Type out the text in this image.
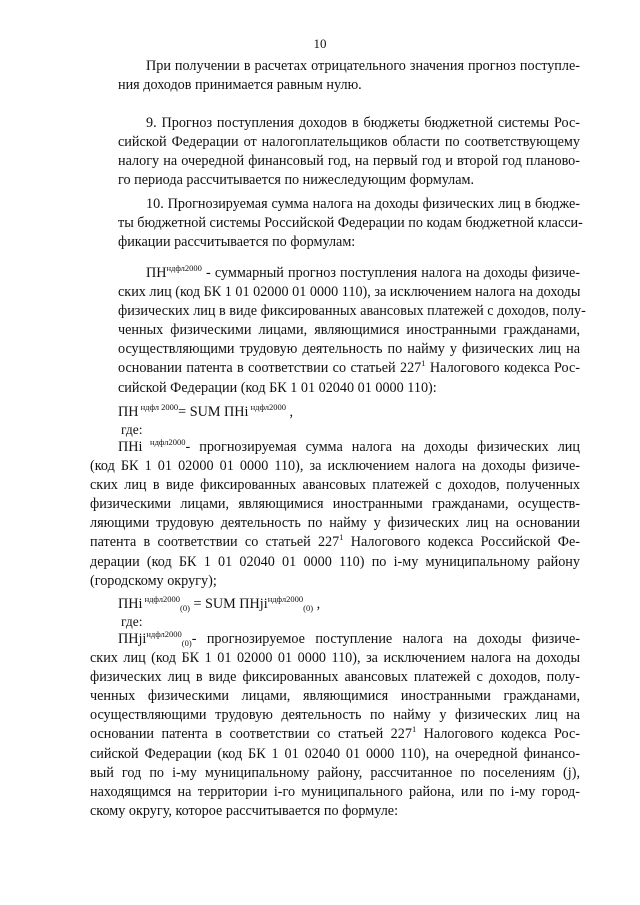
10
При получении в расчетах отрицательного значения прогноз поступле-
ния доходов принимается равным нулю.
9. Прогноз поступления доходов в бюджеты бюджетной системы Рос-
сийской Федерации от налогоплательщиков области по соответствующему
налогу на очередной финансовый год, на первый год и второй год планово-
го периода рассчитывается по нижеследующим формулам.
10. Прогнозируемая сумма налога на доходы физических лиц в бюдже-
ты бюджетной системы Российской Федерации по кодам бюджетной класси-
фикации рассчитывается по формулам:
$ПН^{ндфл2000}$ - суммарный прогноз поступления налога на доходы физиче-
ских лиц (код БК 1 01 02000 01 0000 110), за исключением налога на доходы
физических лиц в виде фиксированных авансовых платежей с доходов, полу-
ченных физическими лицами, являющимися иностранными гражданами,
осуществляющими трудовую деятельность по найму у физических лиц на
основании патента в соответствии со статьей $227^1$ Налогового кодекса Рос-
сийской Федерации (код БК 1 01 02040 01 0000 110):
ПН $^{ндфл 2000}$= SUM ПНi $^{ндфл2000}$ ,
где:
ПНi $^{ндфл2000}$- прогнозируемая сумма налога на доходы физических лиц
(код БК 1 01 02000 01 0000 110), за исключением налога на доходы физиче-
ских лиц в виде фиксированных авансовых платежей с доходов, полученных
физическими лицами, являющимися иностранными гражданами, осуществ-
ляющими трудовую деятельность по найму у физических лиц на основании
патента в соответствии со статьей $227^1$ Налогового кодекса Российской Фе-
дерации (код БК 1 01 02040 01 0000 110) по i-му муниципальному району
(городскому округу);
ПНi $^{ндфл2000}_{(0)}$ = SUM ПНji$^{ндфл2000}_{(0)}$ ,
где:
ПНji$^{ндфл2000}_{(0)}$- прогнозируемое поступление налога на доходы физиче-
ских лиц (код БК 1 01 02000 01 0000 110), за исключением налога на доходы
физических лиц в виде фиксированных авансовых платежей с доходов, полу-
ченных физическими лицами, являющимися иностранными гражданами,
осуществляющими трудовую деятельность по найму у физических лиц на
основании патента в соответствии со статьей $227^1$ Налогового кодекса Рос-
сийской Федерации (код БК 1 01 02040 01 0000 110), на очередной финансо-
вый год по i-му муниципальному району, рассчитанное по поселениям (j),
находящимся на территории i-го муниципального района, или по i-му город-
скому округу, которое рассчитывается по формуле:
